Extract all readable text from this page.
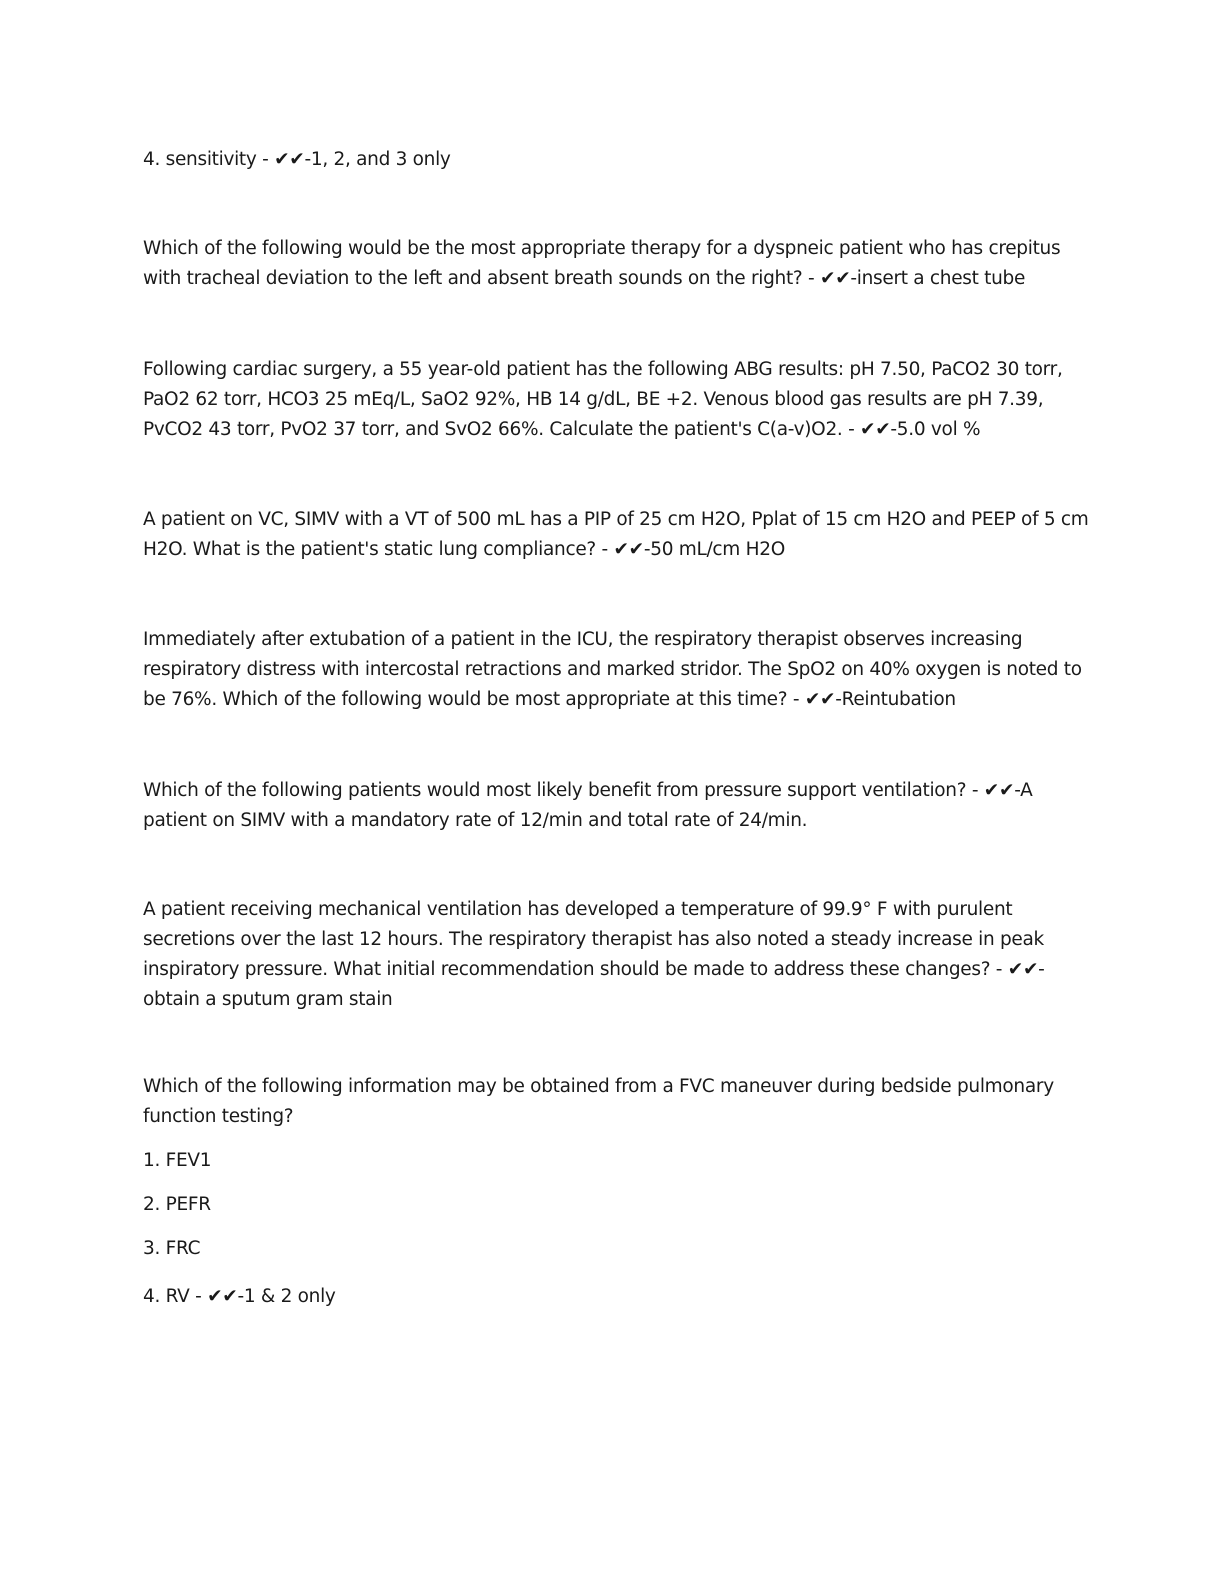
4. sensitivity - ✔✔-1, 2, and 3 only

Which of the following would be the most appropriate therapy for a dyspneic patient who has crepitus
with tracheal deviation to the left and absent breath sounds on the right? - ✔✔-insert a chest tube

Following cardiac surgery, a 55 year-old patient has the following ABG results: pH 7.50, PaCO2 30 torr,
PaO2 62 torr, HCO3 25 mEq/L, SaO2 92%, HB 14 g/dL, BE +2. Venous blood gas results are pH 7.39,
PvCO2 43 torr, PvO2 37 torr, and SvO2 66%. Calculate the patient's C(a-v)O2. - ✔✔-5.0 vol %

A patient on VC, SIMV with a VT of 500 mL has a PIP of 25 cm H2O, Pplat of 15 cm H2O and PEEP of 5 cm
H2O. What is the patient's static lung compliance? - ✔✔-50 mL/cm H2O

Immediately after extubation of a patient in the ICU, the respiratory therapist observes increasing
respiratory distress with intercostal retractions and marked stridor. The SpO2 on 40% oxygen is noted to
be 76%. Which of the following would be most appropriate at this time? - ✔✔-Reintubation

Which of the following patients would most likely benefit from pressure support ventilation? - ✔✔-A
patient on SIMV with a mandatory rate of 12/min and total rate of 24/min.

A patient receiving mechanical ventilation has developed a temperature of 99.9° F with purulent
secretions over the last 12 hours. The respiratory therapist has also noted a steady increase in peak
inspiratory pressure. What initial recommendation should be made to address these changes? - ✔✔-
obtain a sputum gram stain

Which of the following information may be obtained from a FVC maneuver during bedside pulmonary
function testing?

1. FEV1

2. PEFR

3. FRC

4. RV - ✔✔-1 & 2 only
